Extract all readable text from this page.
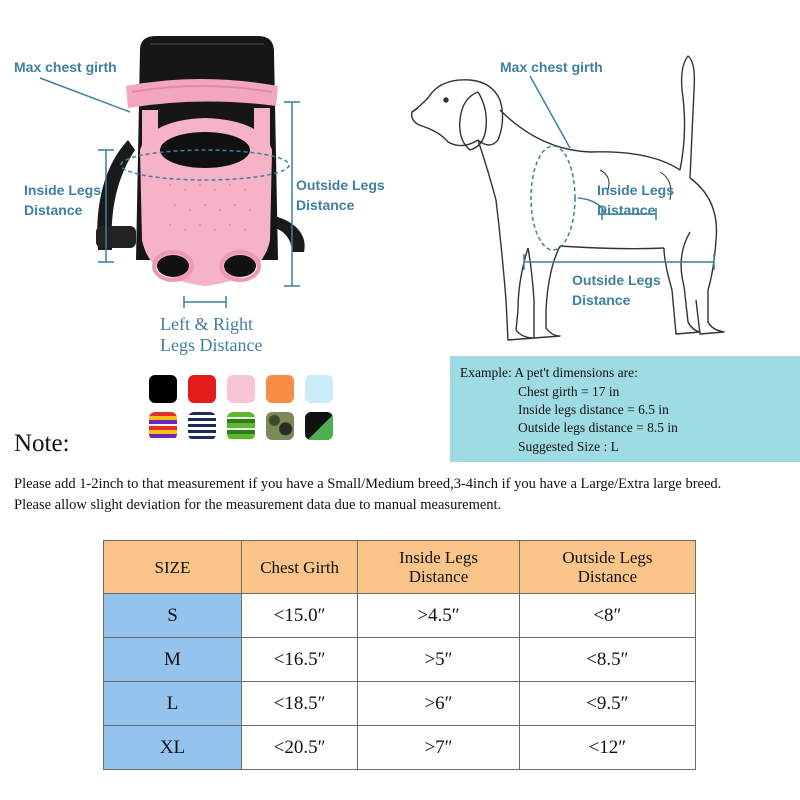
Max chest girth
Inside Legs
Distance
Outside Legs
Distance
Left & Right
Legs Distance
Max chest girth
Inside Legs
Distance
Outside Legs
Distance
Example: A pet't dimensions are:
Chest girth = 17 in
Inside legs distance = 6.5 in
Outside legs distance = 8.5 in
Suggested Size : L
Note:
Please add 1-2inch to that measurement if you have a Small/Medium breed,3-4inch if you have a Large/Extra large breed.
Please allow slight deviation for the measurement data due to manual measurement.
SIZE	Chest Girth	Inside Legs Distance	Outside Legs Distance
S	<15.0″	>4.5″	<8″
M	<16.5″	>5″	<8.5″
L	<18.5″	>6″	<9.5″
XL	<20.5″	>7″	<12″
